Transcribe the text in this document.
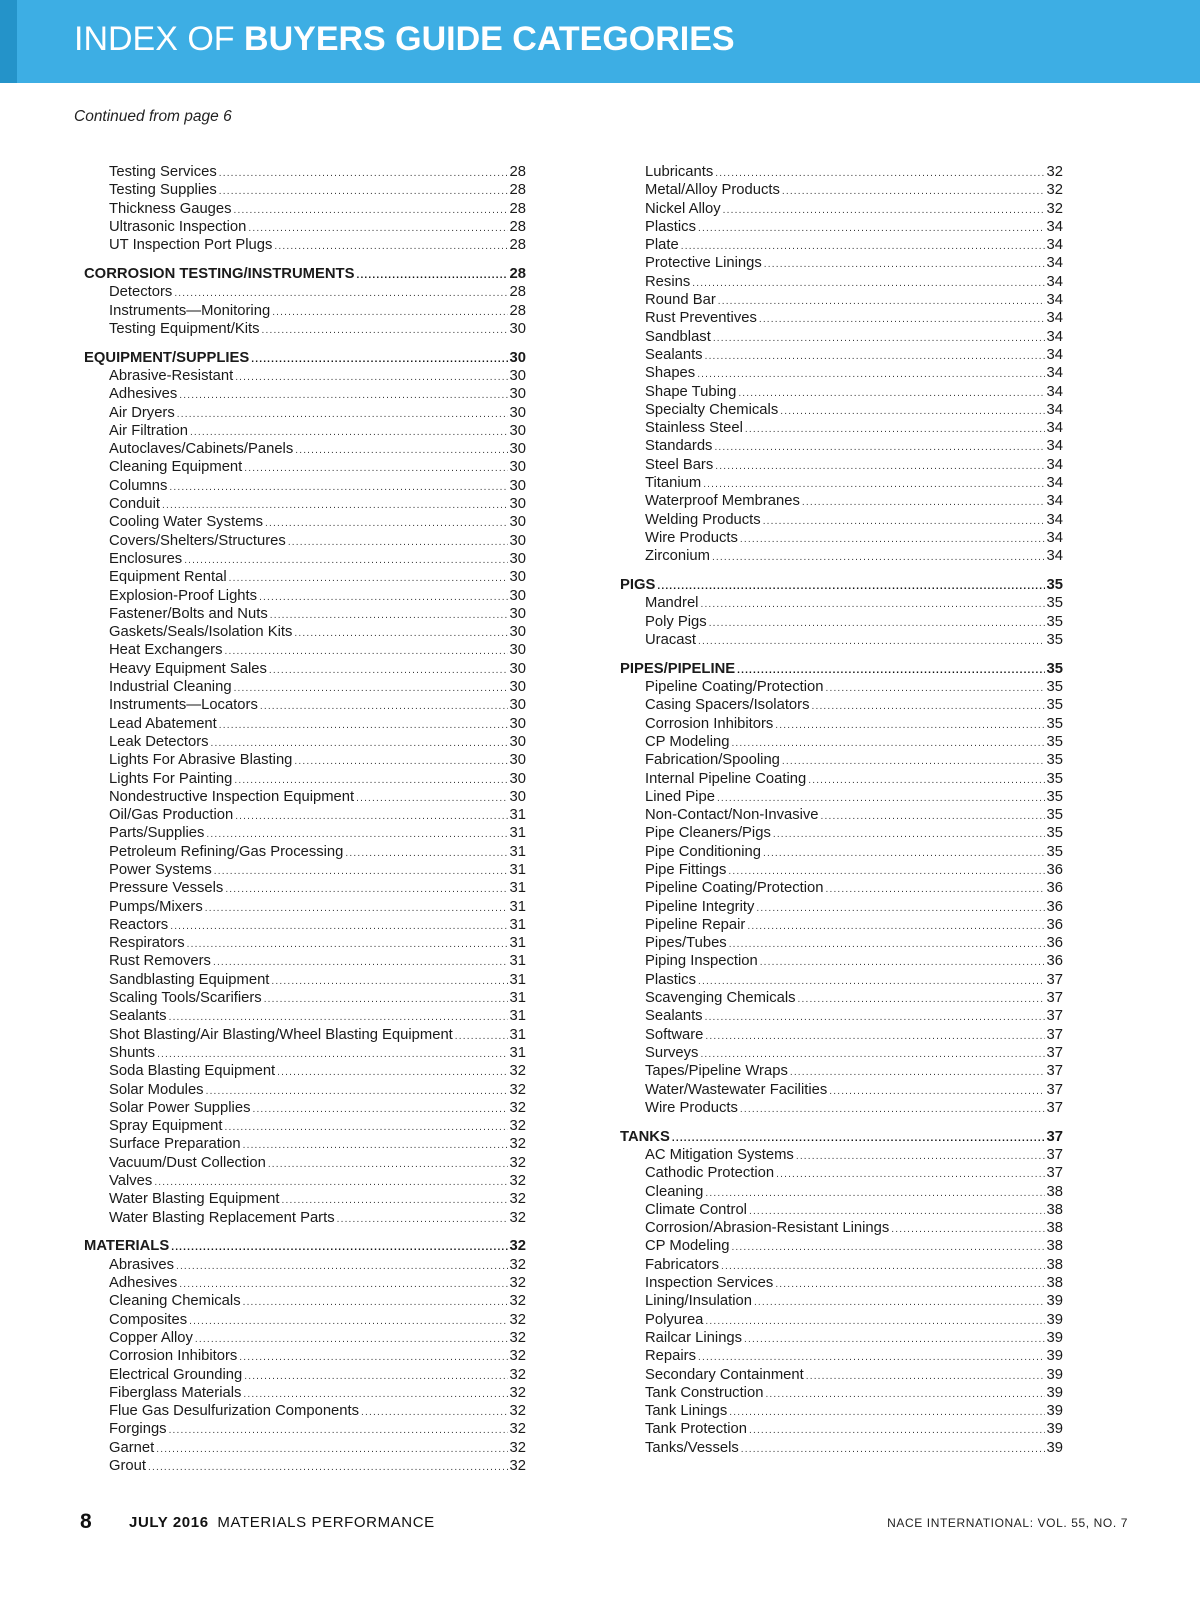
INDEX OF BUYERS GUIDE CATEGORIES
Continued from page 6
Testing Services .....	28
Testing Supplies .....	28
Thickness Gauges .....	28
Ultrasonic Inspection .....	28
UT Inspection Port Plugs .....	28
CORROSION TESTING/INSTRUMENTS .....	28
Detectors .....	28
Instruments—Monitoring .....	28
Testing Equipment/Kits .....	30
EQUIPMENT/SUPPLIES .....	30
Abrasive-Resistant .....	30
Adhesives .....	30
Air Dryers .....	30
Air Filtration .....	30
Autoclaves/Cabinets/Panels .....	30
Cleaning Equipment .....	30
Columns .....	30
Conduit .....	30
Cooling Water Systems .....	30
Covers/Shelters/Structures .....	30
Enclosures .....	30
Equipment Rental .....	30
Explosion-Proof Lights .....	30
Fastener/Bolts and Nuts .....	30
Gaskets/Seals/Isolation Kits .....	30
Heat Exchangers .....	30
Heavy Equipment Sales .....	30
Industrial Cleaning .....	30
Instruments—Locators .....	30
Lead Abatement .....	30
Leak Detectors .....	30
Lights For Abrasive Blasting .....	30
Lights For Painting .....	30
Nondestructive Inspection Equipment .....	30
Oil/Gas Production .....	31
Parts/Supplies .....	31
Petroleum Refining/Gas Processing .....	31
Power Systems .....	31
Pressure Vessels .....	31
Pumps/Mixers .....	31
Reactors .....	31
Respirators .....	31
Rust Removers .....	31
Sandblasting Equipment .....	31
Scaling Tools/Scarifiers .....	31
Sealants .....	31
Shot Blasting/Air Blasting/Wheel Blasting Equipment .....	31
Shunts .....	31
Soda Blasting Equipment .....	32
Solar Modules .....	32
Solar Power Supplies .....	32
Spray Equipment .....	32
Surface Preparation .....	32
Vacuum/Dust Collection .....	32
Valves .....	32
Water Blasting Equipment .....	32
Water Blasting Replacement Parts .....	32
MATERIALS .....	32
Abrasives .....	32
Adhesives .....	32
Cleaning Chemicals .....	32
Composites .....	32
Copper Alloy .....	32
Corrosion Inhibitors .....	32
Electrical Grounding .....	32
Fiberglass Materials .....	32
Flue Gas Desulfurization Components .....	32
Forgings .....	32
Garnet .....	32
Grout .....	32
Lubricants .....	32
Metal/Alloy Products .....	32
Nickel Alloy .....	32
Plastics .....	34
Plate .....	34
Protective Linings .....	34
Resins .....	34
Round Bar .....	34
Rust Preventives .....	34
Sandblast .....	34
Sealants .....	34
Shapes .....	34
Shape Tubing .....	34
Specialty Chemicals .....	34
Stainless Steel .....	34
Standards .....	34
Steel Bars .....	34
Titanium .....	34
Waterproof Membranes .....	34
Welding Products .....	34
Wire Products .....	34
Zirconium .....	34
PIGS .....	35
Mandrel .....	35
Poly Pigs .....	35
Uracast .....	35
PIPES/PIPELINE .....	35
Pipeline Coating/Protection .....	35
Casing Spacers/Isolators .....	35
Corrosion Inhibitors .....	35
CP Modeling .....	35
Fabrication/Spooling .....	35
Internal Pipeline Coating .....	35
Lined Pipe .....	35
Non-Contact/Non-Invasive .....	35
Pipe Cleaners/Pigs .....	35
Pipe Conditioning .....	35
Pipe Fittings .....	36
Pipeline Coating/Protection .....	36
Pipeline Integrity .....	36
Pipeline Repair .....	36
Pipes/Tubes .....	36
Piping Inspection .....	36
Plastics .....	37
Scavenging Chemicals .....	37
Sealants .....	37
Software .....	37
Surveys .....	37
Tapes/Pipeline Wraps .....	37
Water/Wastewater Facilities .....	37
Wire Products .....	37
TANKS .....	37
AC Mitigation Systems .....	37
Cathodic Protection .....	37
Cleaning .....	38
Climate Control .....	38
Corrosion/Abrasion-Resistant Linings .....	38
CP Modeling .....	38
Fabricators .....	38
Inspection Services .....	38
Lining/Insulation .....	39
Polyurea .....	39
Railcar Linings .....	39
Repairs .....	39
Secondary Containment .....	39
Tank Construction .....	39
Tank Linings .....	39
Tank Protection .....	39
Tanks/Vessels .....	39
8 JULY 2016 MATERIALS PERFORMANCE	NACE INTERNATIONAL: VOL. 55, NO. 7
